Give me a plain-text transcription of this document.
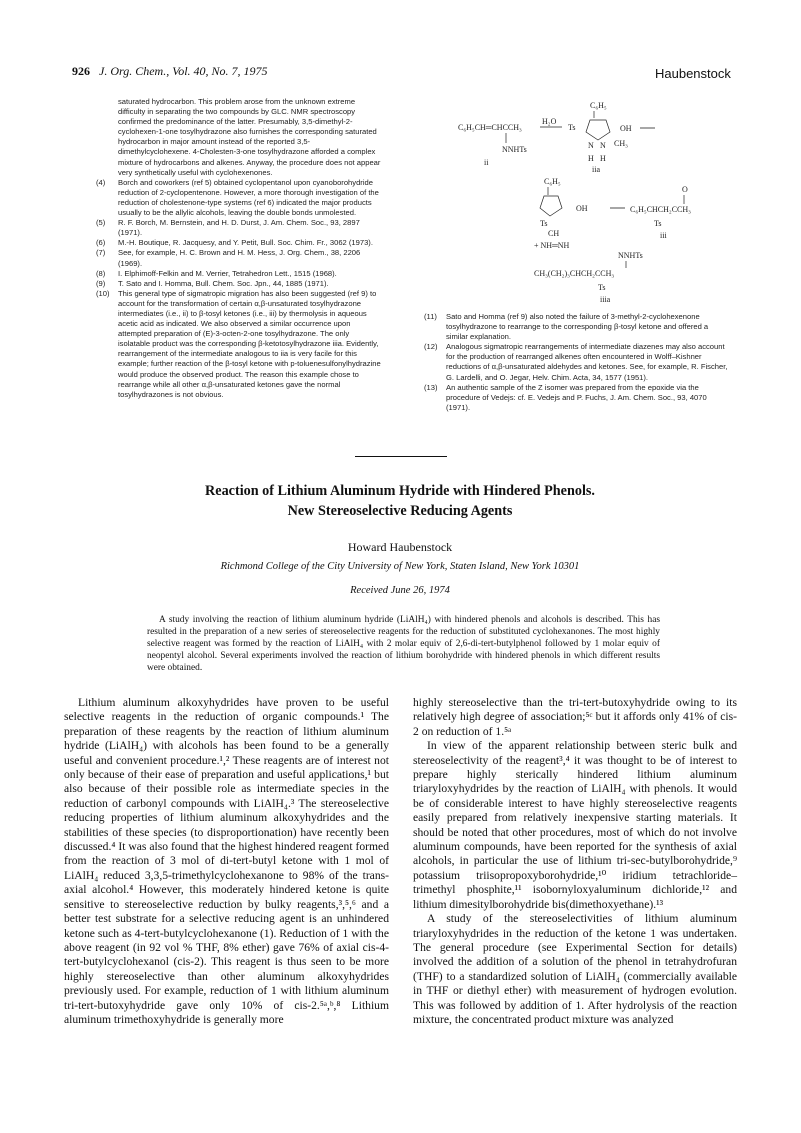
926 J. Org. Chem., Vol. 40, No. 7, 1975	Haubenstock

saturated hydrocarbon. This problem arose from the unknown extreme difficulty in separating the two compounds by GLC. NMR spectroscopy confirmed the predominance of the latter. Presumably, 3,5-dimethyl-2-cyclohexen-1-one tosylhydrazone also furnishes the corresponding saturated hydrocarbon in major amount instead of the reported 3,5-dimethylcyclohexene. 4-Cholesten-3-one tosylhydrazone afforded a complex mixture of hydrocarbons and alkenes. Anyway, the procedure does not appear very synthetically useful with cyclohexenones.

(4) Borch and coworkers (ref 5) obtained cyclopentanol upon cyanoborohydride reduction of 2-cyclopentenone. However, a more thorough investigation of the reduction of cholestenone-type systems (ref 6) indicated the major products usually to be the allylic alcohols, leaving the double bonds unmolested.

(5) R. F. Borch, M. Bernstein, and H. D. Durst, J. Am. Chem. Soc., 93, 2897 (1971).

(6) M.-H. Boutique, R. Jacquesy, and Y. Petit, Bull. Soc. Chim. Fr., 3062 (1973).

(7) See, for example, H. C. Brown and H. M. Hess, J. Org. Chem., 38, 2206 (1969).

(8) I. Elphimoff-Felkin and M. Verrier, Tetrahedron Lett., 1515 (1968).

(9) T. Sato and I. Homma, Bull. Chem. Soc. Jpn., 44, 1885 (1971).

(10) This general type of sigmatropic migration has also been suggested (ref 9) to account for the transformation of certain α,β-unsaturated tosylhydrazone intermediates (i.e., ii) to β-tosyl ketones (i.e., iii) by thermolysis in aqueous acetic acid as indicated. We also observed a similar occurrence upon attempted preparation of (E)-3-octen-2-one tosylhydrazone. The only isolatable product was the corresponding β-ketotosylhydrazone iiia. Evidently, rearrangement of the intermediate analogous to iia is very facile for this example; further reaction of the β-tosyl ketone with p-toluenesulfonylhydrazine would produce the observed product. The reason this example chose to rearrange while all other α,β-unsaturated ketones gave the normal tosylhydrazones is not obvious.

C₆H₅CH═CHCCH₃
NNHTs
ii
H₂O
Ts
C₆H₅
N N
OH
CH₃
H H
iia
C₆H₅
Ts
CH
OH
+ NH═NH
O
C₆H₅CHCH₂CCH₃
Ts
iii
NNHTs
CH₃(CH₂)₃CHCH₂CCH₃
Ts
iiia

(11) Sato and Homma (ref 9) also noted the failure of 3-methyl-2-cyclohexenone tosylhydrazone to rearrange to the corresponding β-tosyl ketone and offered a similar explanation.

(12) Analogous sigmatropic rearrangements of intermediate diazenes may also account for the production of rearranged alkenes often encountered in Wolff–Kishner reductions of α,β-unsaturated aldehydes and ketones. See, for example, R. Fischer, G. Lardelli, and O. Jegar, Helv. Chim. Acta, 34, 1577 (1951).

(13) An authentic sample of the Z isomer was prepared from the epoxide via the procedure of Vedejs: cf. E. Vedejs and P. Fuchs, J. Am. Chem. Soc., 93, 4070 (1971).

Reaction of Lithium Aluminum Hydride with Hindered Phenols.
New Stereoselective Reducing Agents
Howard Haubenstock
Richmond College of the City University of New York, Staten Island, New York 10301
Received June 26, 1974
A study involving the reaction of lithium aluminum hydride (LiAlH₄) with hindered phenols and alcohols is described. This has resulted in the preparation of a new series of stereoselective reagents for the reduction of substituted cyclohexanones. The most highly selective reagent was formed by the reaction of LiAlH₄ with 2 molar equiv of 2,6-di-tert-butylphenol followed by 1 molar equiv of neopentyl alcohol. Several experiments involved the reaction of lithium borohydride with hindered phenols in which different results were obtained.

Lithium aluminum alkoxyhydrides have proven to be useful selective reagents in the reduction of organic compounds.¹ The preparation of these reagents by the reaction of lithium aluminum hydride (LiAlH₄) with alcohols has been found to be a generally useful and convenient procedure.¹,² These reagents are of interest not only because of their ease of preparation and useful applications,¹ but also because of their possible role as intermediate species in the reduction of carbonyl compounds with LiAlH₄.³ The stereoselective reducing properties of lithium aluminum alkoxyhydrides and the stabilities of these species (to disproportionation) have recently been discussed.⁴ It was also found that the highest hindered reagent formed from the reaction of 3 mol of di-tert-butyl ketone with 1 mol of LiAlH₄ reduced 3,3,5-trimethylcyclohexanone to 98% of the trans-axial alcohol.⁴ However, this moderately hindered ketone is quite sensitive to stereoselective reduction by bulky reagents,³,⁵,⁶ and a better test substrate for a selective reducing agent is an unhindered ketone such as 4-tert-butylcyclohexanone (1). Reduction of 1 with the above reagent (in 92 vol % THF, 8% ether) gave 76% of axial cis-4-tert-butylcyclohexanol (cis-2). This reagent is thus seen to be more highly stereoselective than other aluminum alkoxyhydrides previously used. For example, reduction of 1 with lithium aluminum tri-tert-butoxyhydride gave only 10% of cis-2.⁵ᵃ,ᵇ,⁸ Lithium aluminum trimethoxyhydride is generally more

highly stereoselective than the tri-tert-butoxyhydride owing to its relatively high degree of association;⁵ᶜ but it affords only 41% of cis-2 on reduction of 1.⁵ᵃ

In view of the apparent relationship between steric bulk and stereoselectivity of the reagent³,⁴ it was thought to be of interest to prepare highly sterically hindered lithium aluminum triaryloxyhydrides by the reaction of LiAlH₄ with phenols. It would be of considerable interest to have highly stereoselective reagents easily prepared from relatively inexpensive starting materials. It should be noted that other procedures, most of which do not involve aluminum compounds, have been reported for the synthesis of axial alcohols, in particular the use of lithium tri-sec-butylborohydride,⁹ potassium triisopropoxyborohydride,¹⁰ iridium tetrachloride–trimethyl phosphite,¹¹ isobornyloxyaluminum dichloride,¹² and lithium dimesitylborohydride bis(dimethoxyethane).¹³

A study of the stereoselectivities of lithium aluminum triaryloxyhydrides in the reduction of the ketone 1 was undertaken. The general procedure (see Experimental Section for details) involved the addition of a solution of the phenol in tetrahydrofuran (THF) to a standardized solution of LiAlH₄ (commercially available in THF or diethyl ether) with measurement of hydrogen evolution. This was followed by addition of 1. After hydrolysis of the reaction mixture, the concentrated product mixture was analyzed
